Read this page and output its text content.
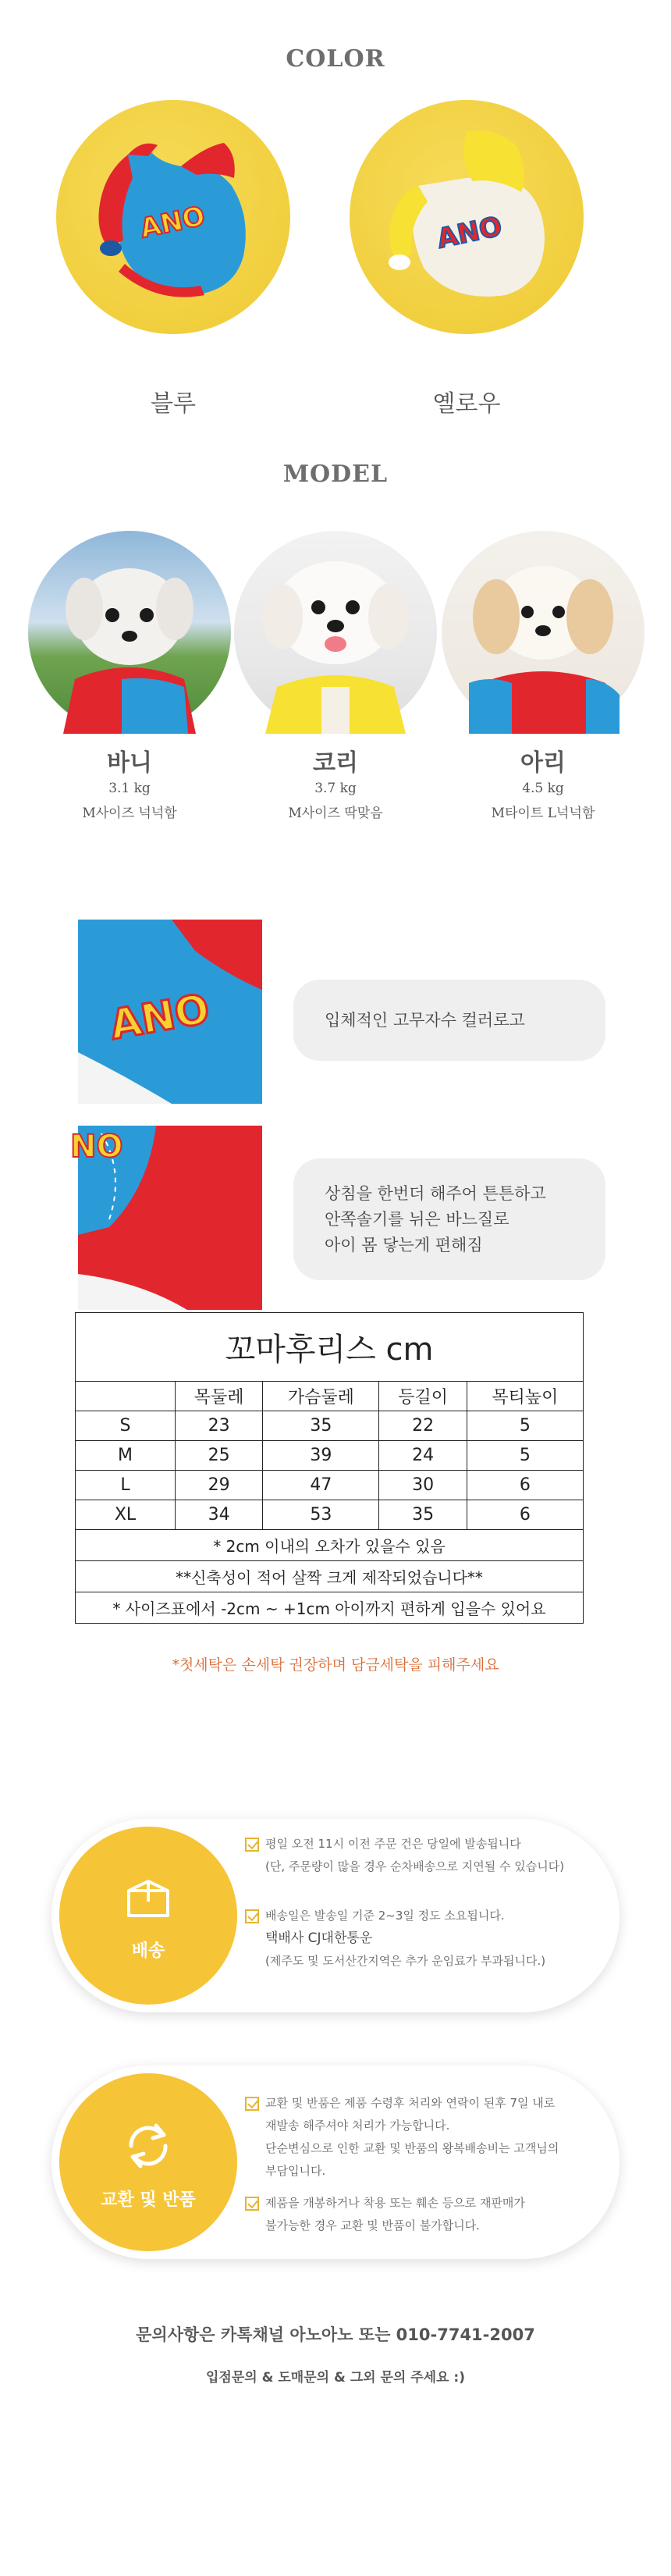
COLOR
ANO	ANO
블루	옐로우
MODEL
바니	코리	아리
3.1 kg	3.7 kg	4.5 kg
M사이즈 넉넉함	M사이즈 딱맞음	M타이트 L넉넉함
ANO	입체적인 고무자수 컬러로고
NO
상침을 한번더 해주어 튼튼하고
안쪽솔기를 뉘은 바느질로
아이 몸 닿는게 편해짐
꼬마후리스 cm				
	목둘레	가슴둘레	등길이	목티높이
S	23	35	22	5
M	25	39	24	5
L	29	47	30	6
XL	34	53	35	6
* 2cm 이내의 오차가 있을수 있음				
**신축성이 적어 살짝 크게 제작되었습니다**				
* 사이즈표에서 -2cm ~ +1cm 아이까지 편하게 입을수 있어요				
*첫세탁은 손세탁 권장하며 담금세탁을 피해주세요
배송
평일 오전 11시 이전 주문 건은 당일에 발송됩니다
(단, 주문량이 많을 경우 순차배송으로 지연될 수 있습니다)
배송일은 발송일 기준 2~3일 정도 소요됩니다.
택배사 CJ대한통운
(제주도 및 도서산간지역은 추가 운임료가 부과됩니다.)
교환 및 반품
교환 및 반품은 제품 수령후 처리와 연락이 된후 7일 내로
재발송 해주셔야 처리가 가능합니다.
단순변심으로 인한 교환 및 반품의 왕복배송비는 고객님의
부담입니다.
제품을 개봉하거나 착용 또는 훼손 등으로 재판매가
불가능한 경우 교환 및 반품이 불가합니다.
문의사항은 카톡채널 아노아노 또는 010-7741-2007
입점문의 & 도매문의 & 그외 문의 주세요 :)
